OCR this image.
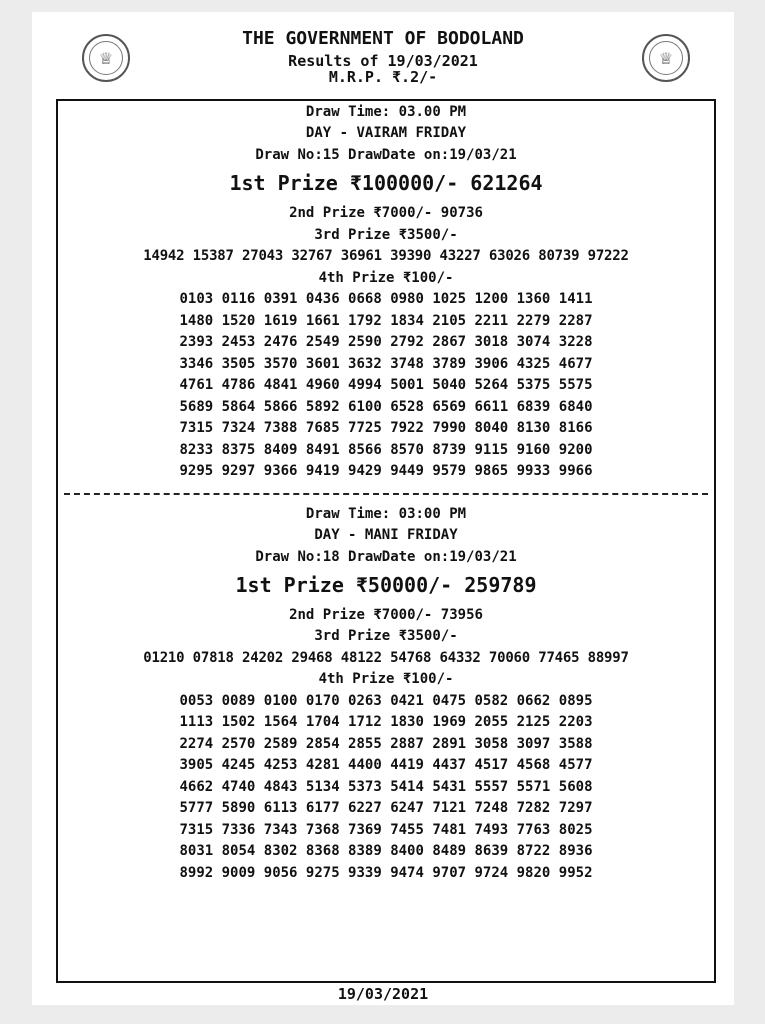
♕	♕
THE GOVERNMENT OF BODOLAND
Results of 19/03/2021
M.R.P. ₹.2/-
Draw Time: 03.00 PM
DAY - VAIRAM FRIDAY
Draw No:15 DrawDate on:19/03/21
1st Prize ₹100000/- 621264
2nd Prize ₹7000/- 90736
3rd Prize ₹3500/-
14942 15387 27043 32767 36961 39390 43227 63026 80739 97222
4th Prize ₹100/-
0103 0116 0391 0436 0668 0980 1025 1200 1360 1411
1480 1520 1619 1661 1792 1834 2105 2211 2279 2287
2393 2453 2476 2549 2590 2792 2867 3018 3074 3228
3346 3505 3570 3601 3632 3748 3789 3906 4325 4677
4761 4786 4841 4960 4994 5001 5040 5264 5375 5575
5689 5864 5866 5892 6100 6528 6569 6611 6839 6840
7315 7324 7388 7685 7725 7922 7990 8040 8130 8166
8233 8375 8409 8491 8566 8570 8739 9115 9160 9200
9295 9297 9366 9419 9429 9449 9579 9865 9933 9966
Draw Time: 03:00 PM
DAY - MANI FRIDAY
Draw No:18 DrawDate on:19/03/21
1st Prize ₹50000/- 259789
2nd Prize ₹7000/- 73956
3rd Prize ₹3500/-
01210 07818 24202 29468 48122 54768 64332 70060 77465 88997
4th Prize ₹100/-
0053 0089 0100 0170 0263 0421 0475 0582 0662 0895
1113 1502 1564 1704 1712 1830 1969 2055 2125 2203
2274 2570 2589 2854 2855 2887 2891 3058 3097 3588
3905 4245 4253 4281 4400 4419 4437 4517 4568 4577
4662 4740 4843 5134 5373 5414 5431 5557 5571 5608
5777 5890 6113 6177 6227 6247 7121 7248 7282 7297
7315 7336 7343 7368 7369 7455 7481 7493 7763 8025
8031 8054 8302 8368 8389 8400 8489 8639 8722 8936
8992 9009 9056 9275 9339 9474 9707 9724 9820 9952
19/03/2021
